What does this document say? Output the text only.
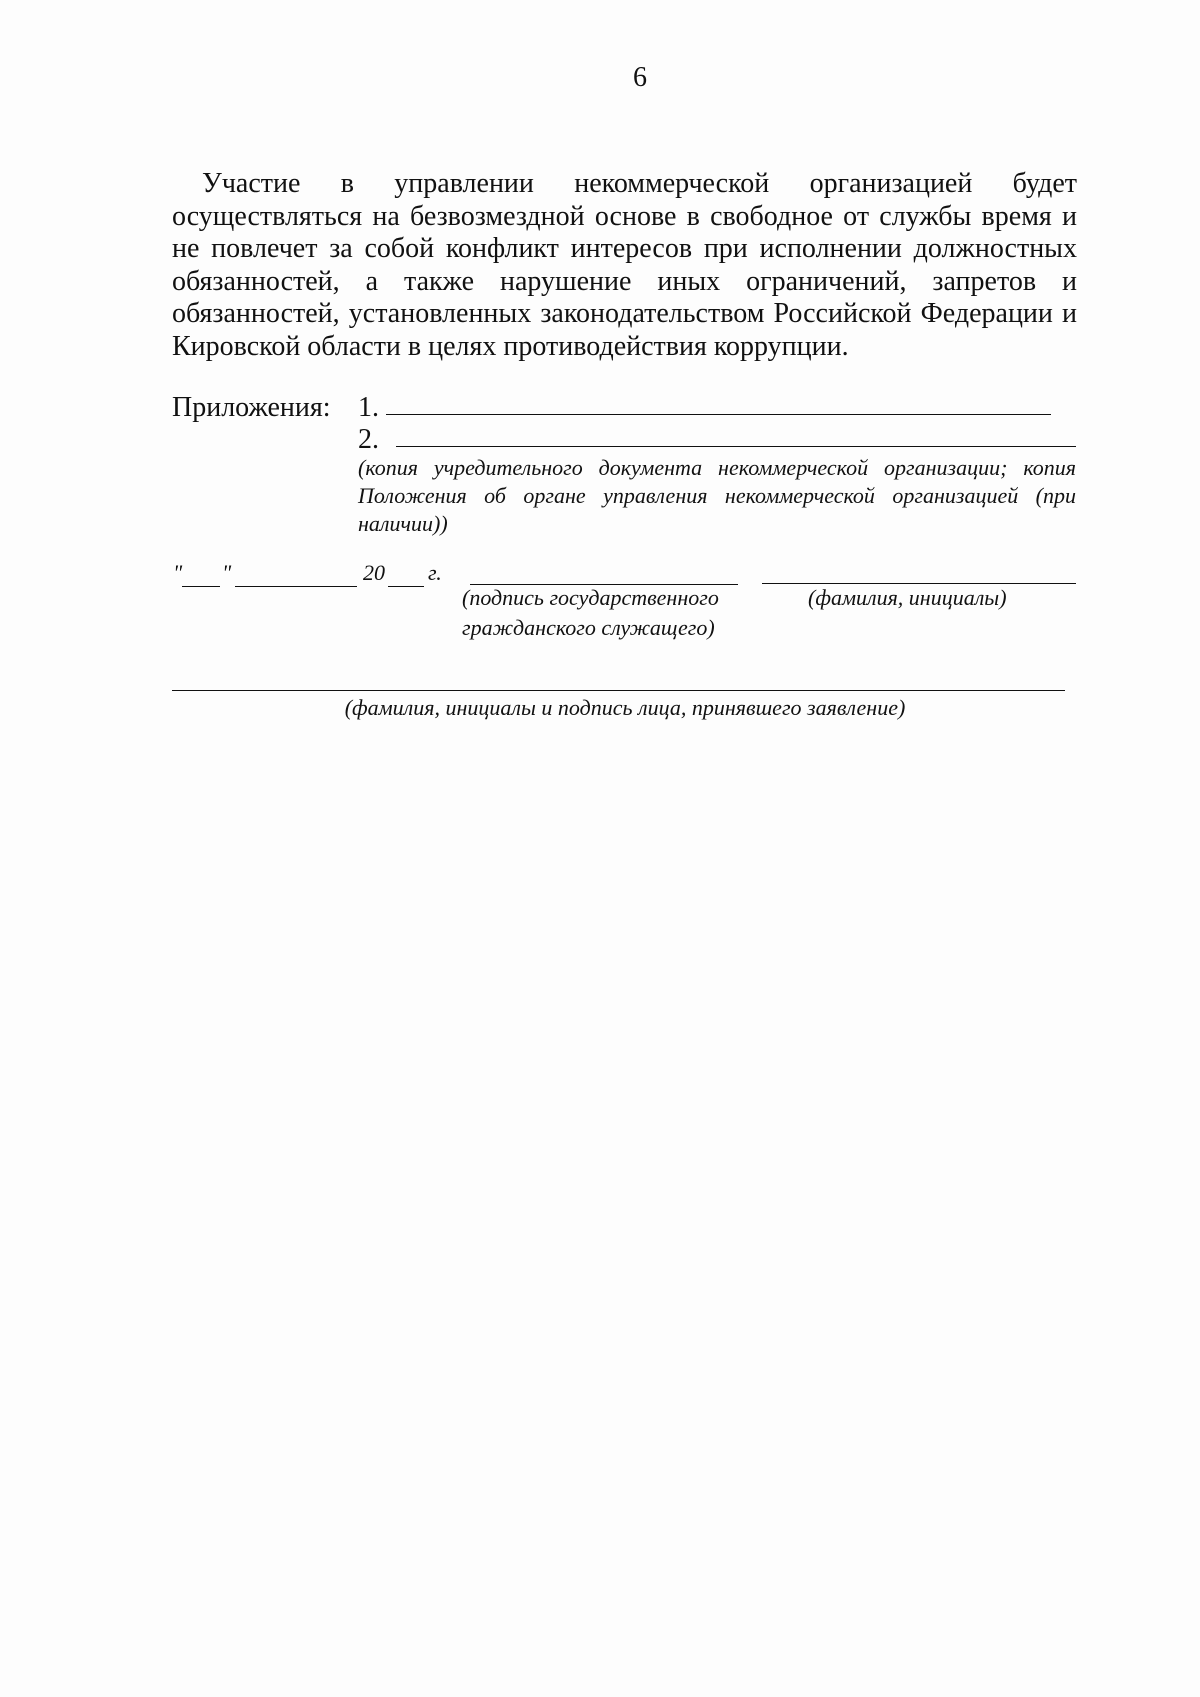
6

Участие в управлении некоммерческой организацией будет осуществляться на безвозмездной основе в свободное от службы время и не повлечет за собой конфликт интересов при исполнении должностных обязанностей, а также нарушение иных ограничений, запретов и обязанностей, установленных законодательством Российской Федерации и Кировской области в целях противодействия коррупции.

Приложения: 1.
2.

(копия учредительного документа некоммерческой организации; копия Положения об органе управления некоммерческой организацией (при наличии))

" "	20 г.
(подпись государственного гражданского служащего)
(фамилия, инициалы)
(фамилия, инициалы и подпись лица, принявшего заявление)
